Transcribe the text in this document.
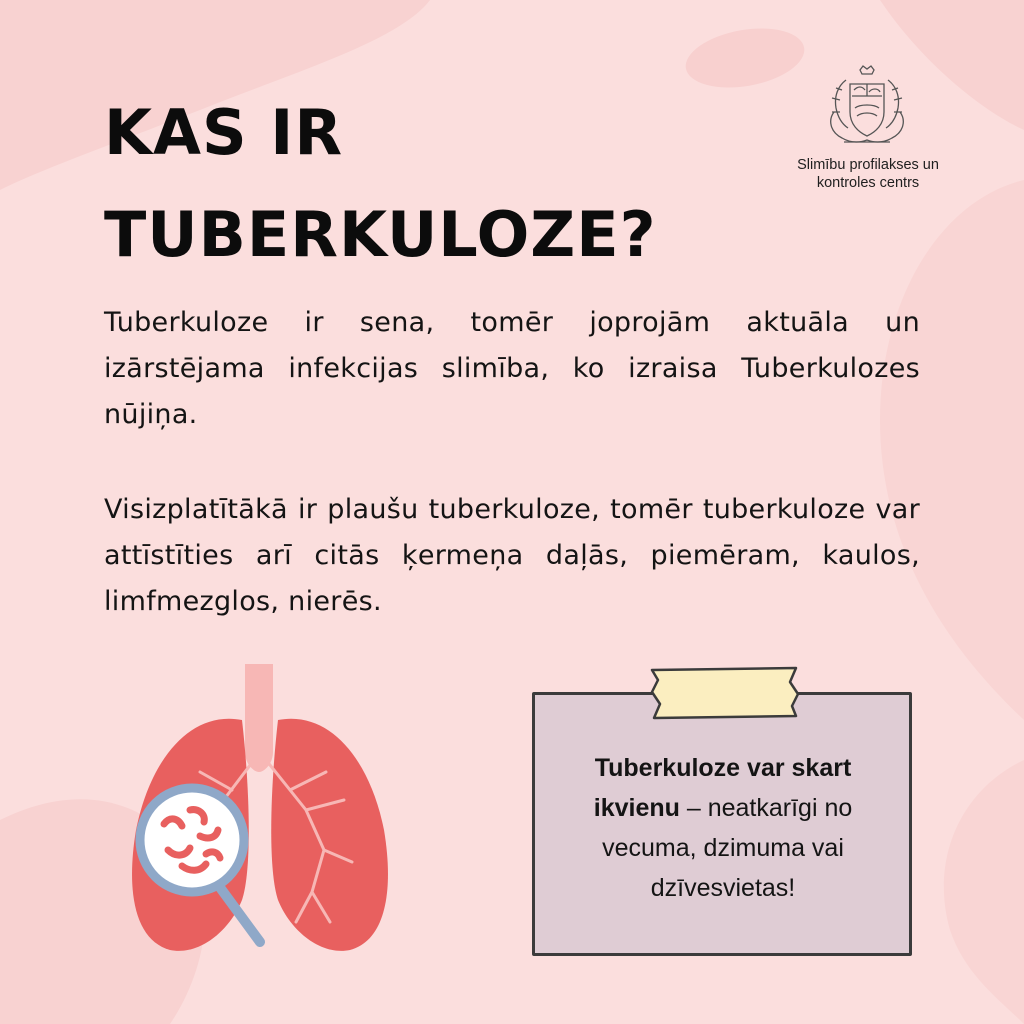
KAS IR
TUBERKULOZE?
Slimību profilakses un
kontroles centrs

Tuberkuloze ir sena, tomēr joprojām aktuāla un izārstējama infekcijas slimība, ko izraisa Tuberkulozes nūjiņa.

Visizplatītākā ir plaušu tuberkuloze, tomēr tuberkuloze var attīstīties arī citās ķermeņa daļās, piemēram, kaulos, limfmezglos, nierēs.

Tuberkuloze var skart ikvienu – neatkarīgi no vecuma, dzimuma vai dzīvesvietas!
